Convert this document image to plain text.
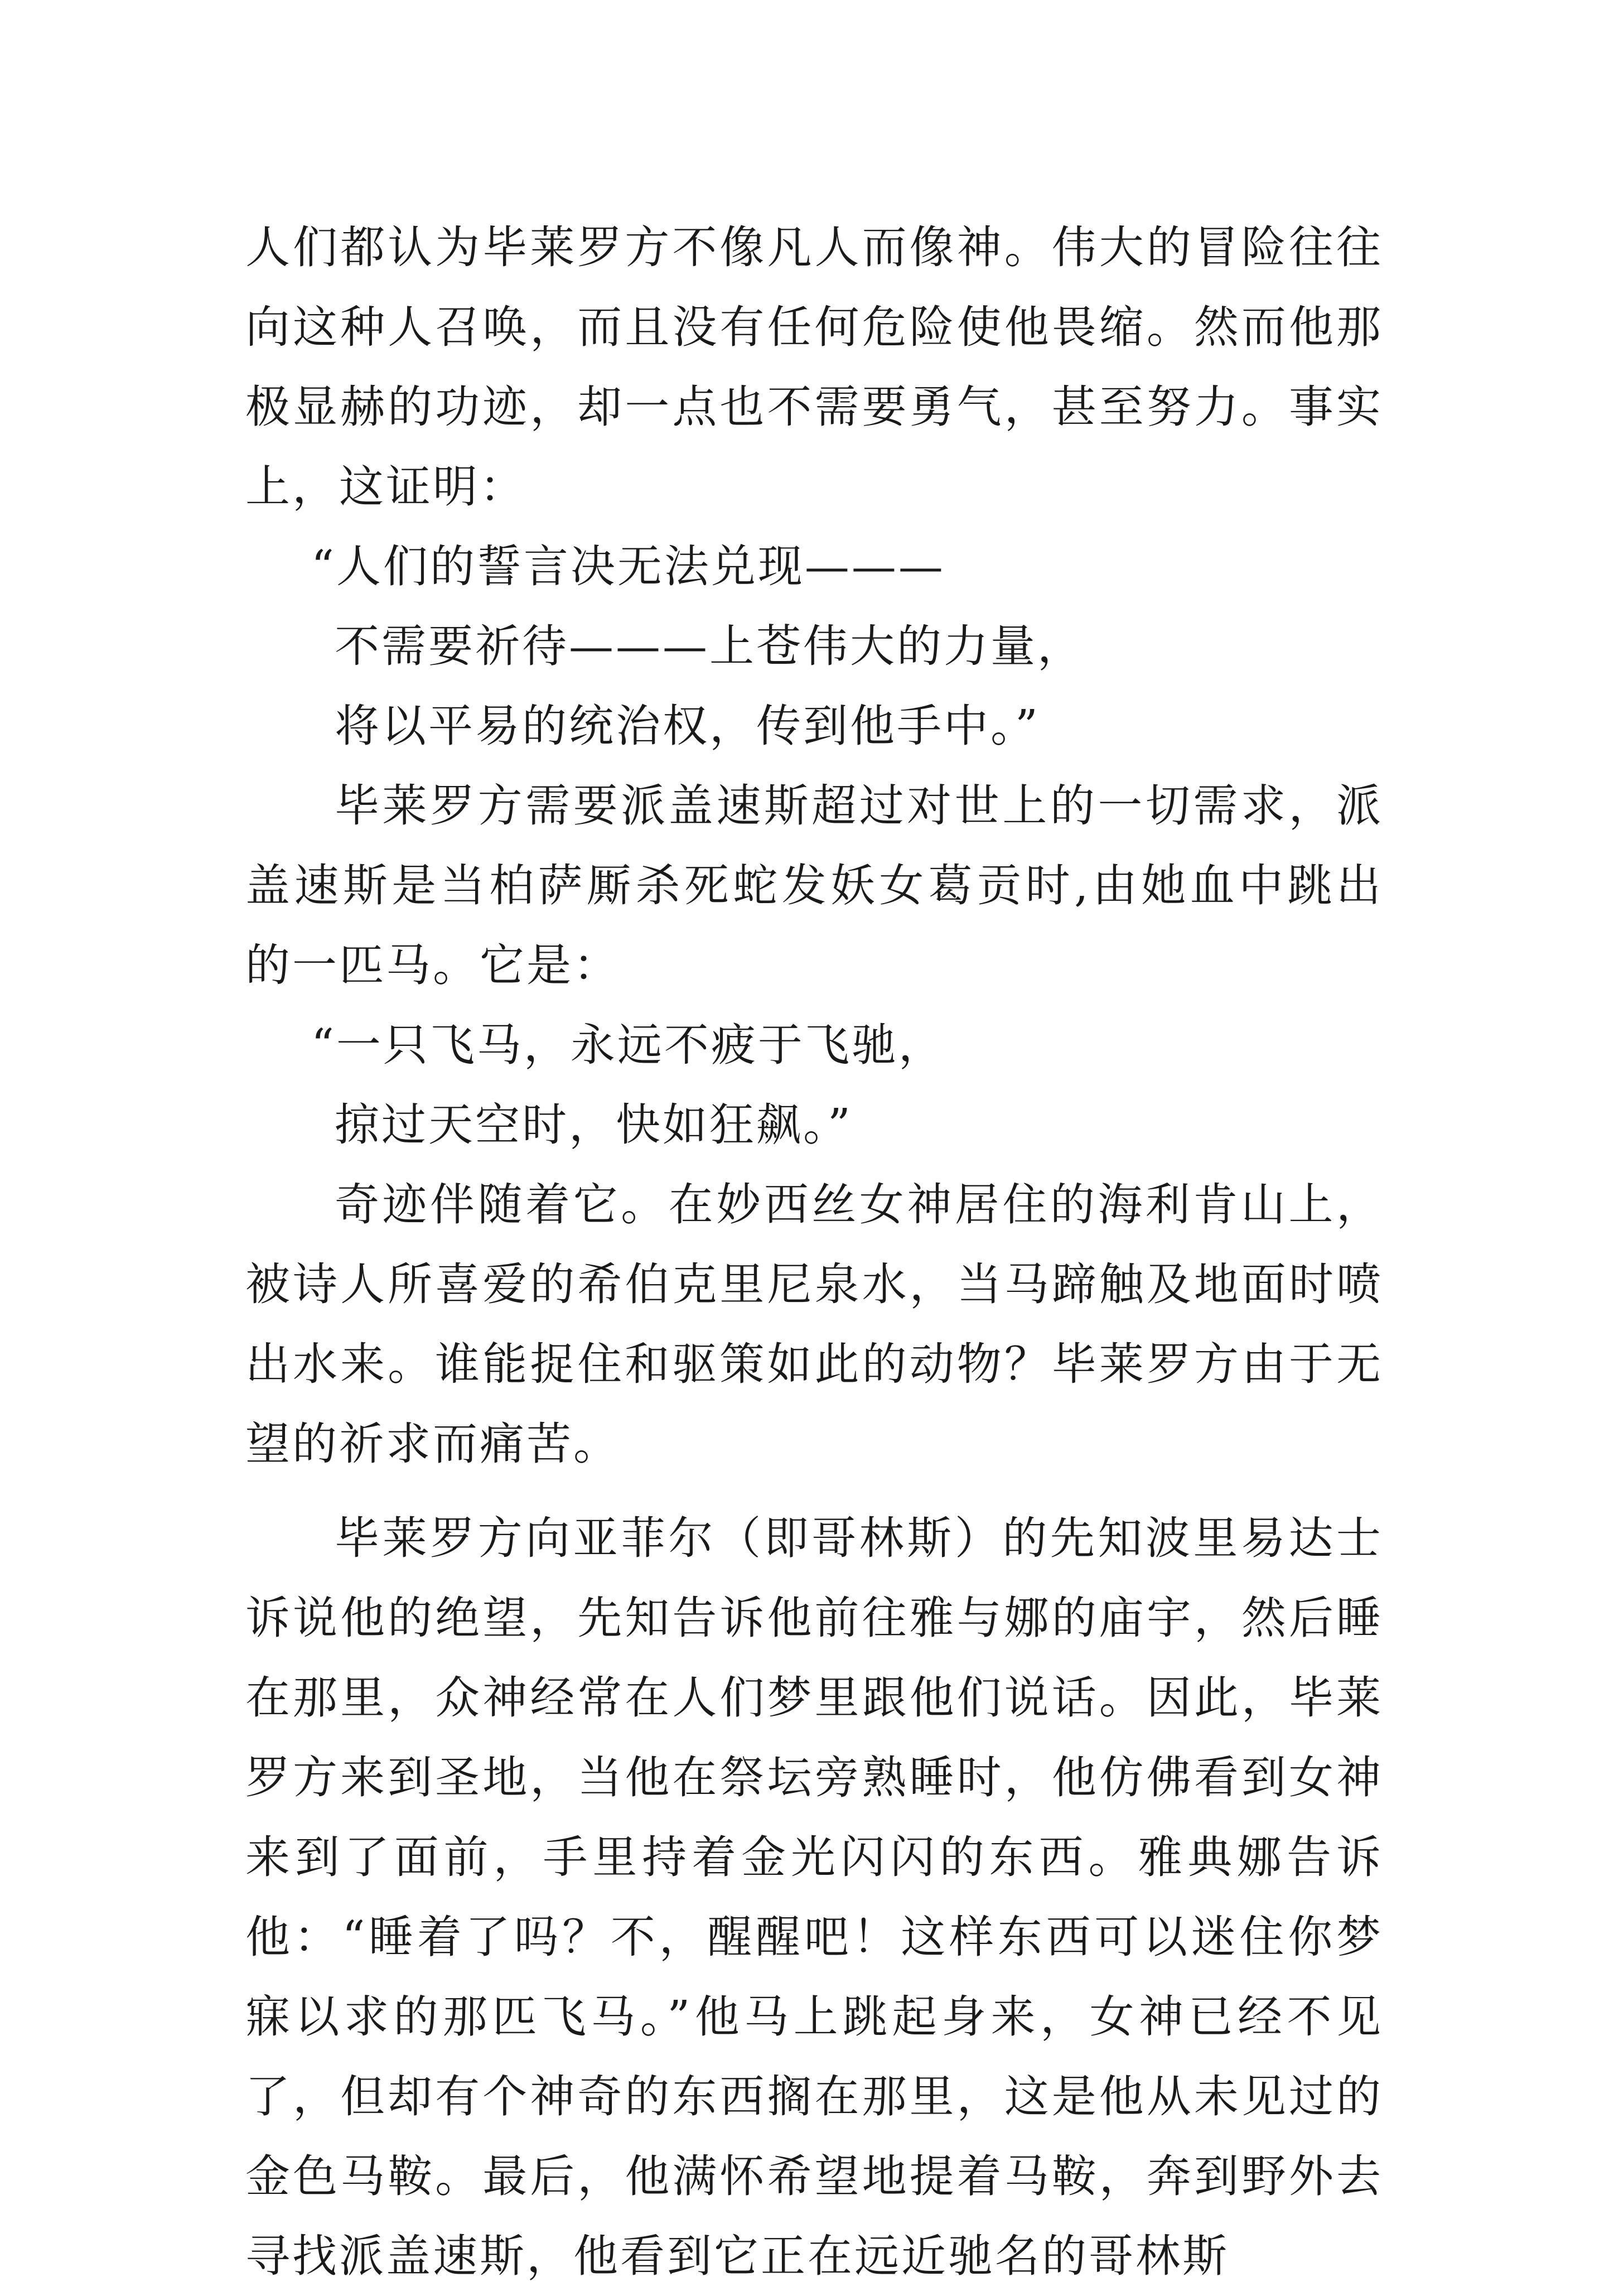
人们都认为毕莱罗方不像凡人而像神。伟大的冒险往往向这种人召唤，而且没有任何危险使他畏缩。然而他那极显赫的功迹，却一点也不需要勇气，甚至努力。事实上，这证明：

“人们的誓言决无法兑现———

不需要祈待———上苍伟大的力量，

将以平易的统治权，传到他手中。”

毕莱罗方需要派盖速斯超过对世上的一切需求，派盖速斯是当柏萨厮杀死蛇发妖女葛贡时,由她血中跳出的一匹马。它是：

“一只飞马，永远不疲于飞驰，

掠过天空时，快如狂飙。”

奇迹伴随着它。在妙西丝女神居住的海利肯山上，被诗人所喜爱的希伯克里尼泉水，当马蹄触及地面时喷出水来。谁能捉住和驱策如此的动物？毕莱罗方由于无望的祈求而痛苦。

毕莱罗方向亚菲尔（即哥林斯）的先知波里易达士诉说他的绝望，先知告诉他前往雅与娜的庙宇，然后睡在那里，众神经常在人们梦里跟他们说话。因此，毕莱罗方来到圣地，当他在祭坛旁熟睡时，他仿佛看到女神来到了面前，手里持着金光闪闪的东西。雅典娜告诉他：“睡着了吗？不，醒醒吧！这样东西可以迷住你梦寐以求的那匹飞马。”他马上跳起身来，女神已经不见了，但却有个神奇的东西搁在那里，这是他从未见过的金色马鞍。最后，他满怀希望地提着马鞍，奔到野外去寻找派盖速斯，他看到它正在远近驰名的哥林斯
